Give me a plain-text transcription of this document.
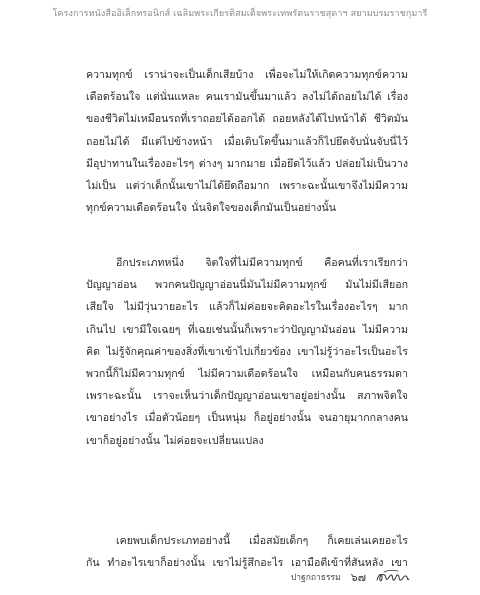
โครงการหนังสืออิเล็กทรอนิกส์ เฉลิมพระเกียรติสมเด็จพระเทพรัตนราชสุดาฯ สยามบรมราชกุมารี
ความทุกข์ เราน่าจะเป็นเด็กเสียบ้าง เพื่อจะไม่ให้เกิดความทุกข์ความ
เดือดร้อนใจ แต่นั่นแหละ คนเรามันขึ้นมาแล้ว ลงไม่ได้ถอยไม่ได้ เรื่อง
ของชีวิตไม่เหมือนรถที่เราถอยได้ออกได้ ถอยหลังได้ไปหน้าได้ ชีวิตมัน
ถอยไม่ได้ มีแต่ไปข้างหน้า เมื่อเติบโตขึ้นมาแล้วก็ไปยึดจับนั่นจับนี่ไว้
มีอุปาทานในเรื่องอะไรๆ ต่างๆ มากมาย เมื่อยึดไว้แล้ว ปล่อยไม่เป็นวาง
ไม่เป็น แต่ว่าเด็กนั้นเขาไม่ได้ยึดถือมาก เพราะฉะนั้นเขาจึงไม่มีความ
ทุกข์ความเดือดร้อนใจ นั่นจิตใจของเด็กมันเป็นอย่างนั้น
อีกประเภทหนึ่ง จิตใจที่ไม่มีความทุกข์ คือคนที่เราเรียกว่า
ปัญญาอ่อน พวกคนปัญญาอ่อนนี่มันไม่มีความทุกข์ มันไม่มีเสียอก
เสียใจ ไม่มีวุ่นวายอะไร แล้วก็ไม่ค่อยจะคิดอะไรในเรื่องอะไรๆ มาก
เกินไป เขามีใจเฉยๆ ที่เฉยเช่นนั้นก็เพราะว่าปัญญามันอ่อน ไม่มีความ
คิด ไม่รู้จักคุณค่าของสิ่งที่เขาเข้าไปเกี่ยวข้อง เขาไม่รู้ว่าอะไรเป็นอะไร
พวกนี้ก็ไม่มีความทุกข์ ไม่มีความเดือดร้อนใจ เหมือนกับคนธรรมดา
เพราะฉะนั้น เราจะเห็นว่าเด็กปัญญาอ่อนเขาอยู่อย่างนั้น สภาพจิตใจ
เขาอย่างไร เมื่อตัวน้อยๆ เป็นหนุ่ม ก็อยู่อย่างนั้น จนอายุมากกลางคน
เขาก็อยู่อย่างนั้น ไม่ค่อยจะเปลี่ยนแปลง
เคยพบเด็กประเภทอย่างนี้ เมื่อสมัยเด็กๆ ก็เคยเล่นเคยอะไร
กัน ทำอะไรเขาก็อย่างนั้น เขาไม่รู้สึกอะไร เอามือตีเข้าที่สันหลัง เขา
ปาฐกถาธรรม ๖๗
